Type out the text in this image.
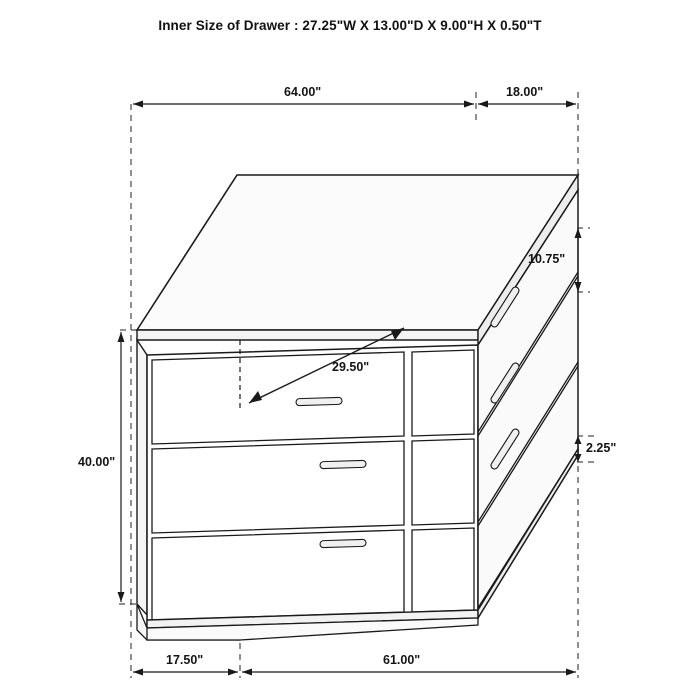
Inner Size of Drawer : 27.25"W X 13.00"D X 9.00"H X 0.50"T
64.00"	18.00"
10.75"
2.25"
40.00"
29.50"
17.50"	61.00"
